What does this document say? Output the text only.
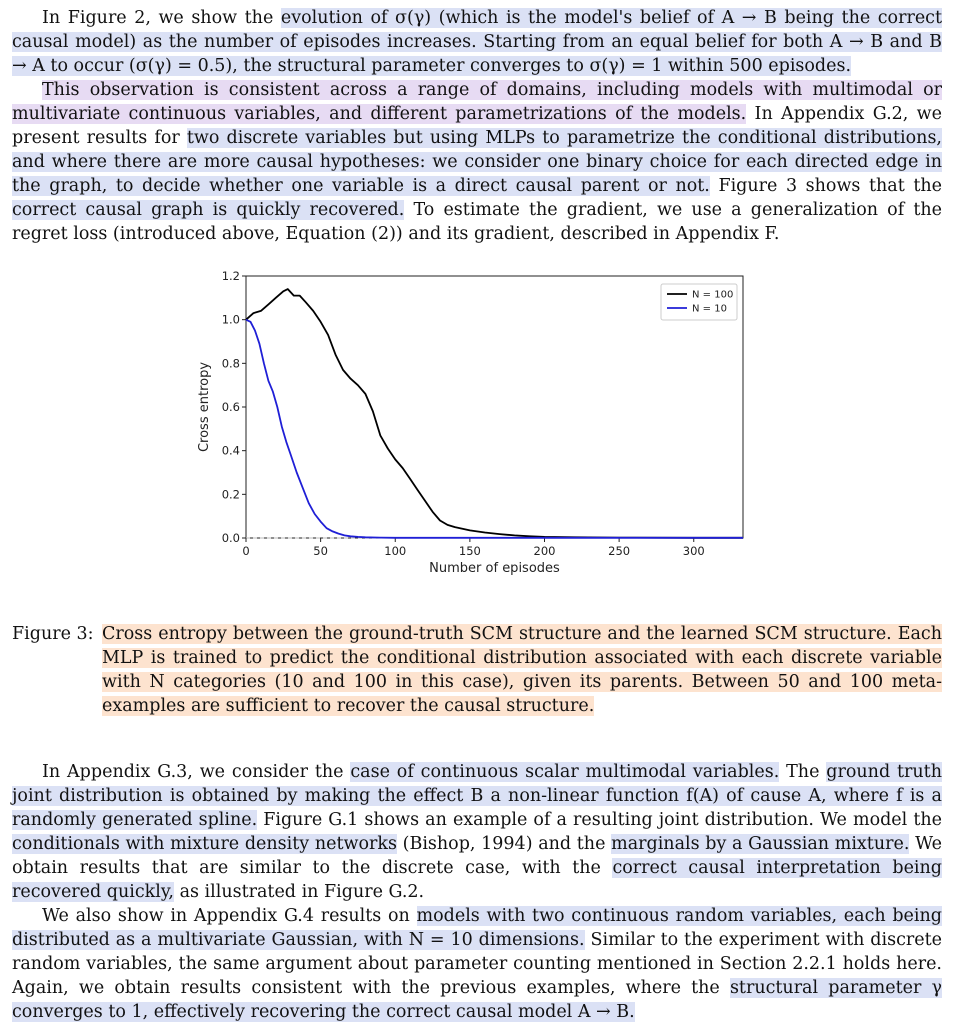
In Figure 2, we show the evolution of σ(γ) (which is the model's belief of A → B being the correct causal model) as the number of episodes increases. Starting from an equal belief for both A → B and B → A to occur (σ(γ) = 0.5), the structural parameter converges to σ(γ) = 1 within 500 episodes.

This observation is consistent across a range of domains, including models with multimodal or multivariate continuous variables, and different parametrizations of the models. In Appendix G.2, we present results for two discrete variables but using MLPs to parametrize the conditional distributions, and where there are more causal hypotheses: we consider one binary choice for each directed edge in the graph, to decide whether one variable is a direct causal parent or not. Figure 3 shows that the correct causal graph is quickly recovered. To estimate the gradient, we use a generalization of the regret loss (introduced above, Equation (2)) and its gradient, described in Appendix F.

0	50	100	150	200	250	300
0.0
0.2
0.4
0.6
0.8
1.0
1.2
Number of episodes
Cross entropy
N = 100
N = 10
Figure 3: Cross entropy between the ground-truth SCM structure and the learned SCM structure. Each MLP is trained to predict the conditional distribution associated with each discrete variable with N categories (10 and 100 in this case), given its parents. Between 50 and 100 meta-examples are sufficient to recover the causal structure.

In Appendix G.3, we consider the case of continuous scalar multimodal variables. The ground truth joint distribution is obtained by making the effect B a non-linear function f(A) of cause A, where f is a randomly generated spline. Figure G.1 shows an example of a resulting joint distribution. We model the conditionals with mixture density networks (Bishop, 1994) and the marginals by a Gaussian mixture. We obtain results that are similar to the discrete case, with the correct causal interpretation being recovered quickly, as illustrated in Figure G.2.

We also show in Appendix G.4 results on models with two continuous random variables, each being distributed as a multivariate Gaussian, with N = 10 dimensions. Similar to the experiment with discrete random variables, the same argument about parameter counting mentioned in Section 2.2.1 holds here. Again, we obtain results consistent with the previous examples, where the structural parameter γ converges to 1, effectively recovering the correct causal model A → B.
